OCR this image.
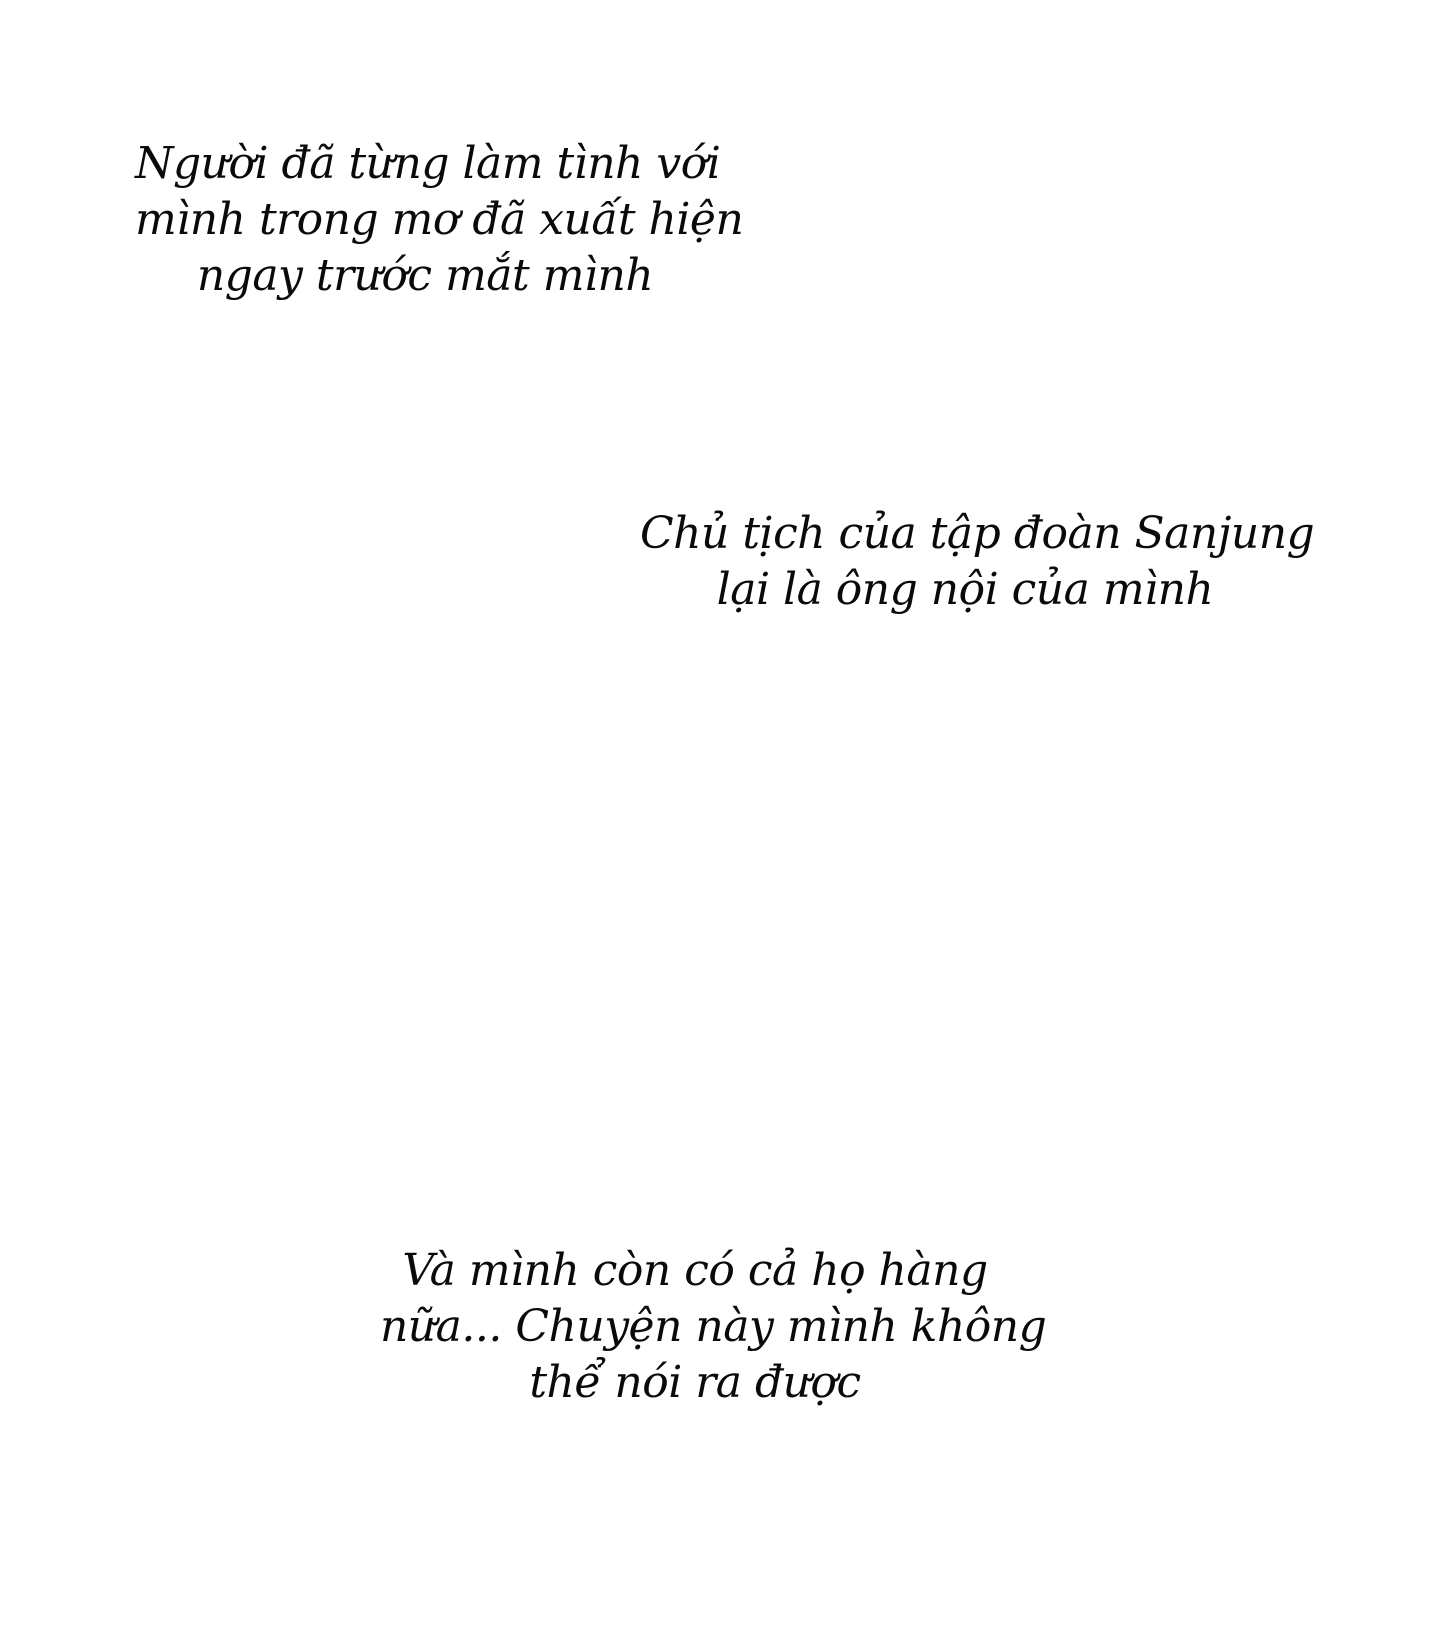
Người đã từng làm tình với
mình trong mơ đã xuất hiện
ngay trước mắt mình
Chủ tịch của tập đoàn Sanjung
lại là ông nội của mình
Và mình còn có cả họ hàng
nữa... Chuyện này mình không
thể nói ra được
